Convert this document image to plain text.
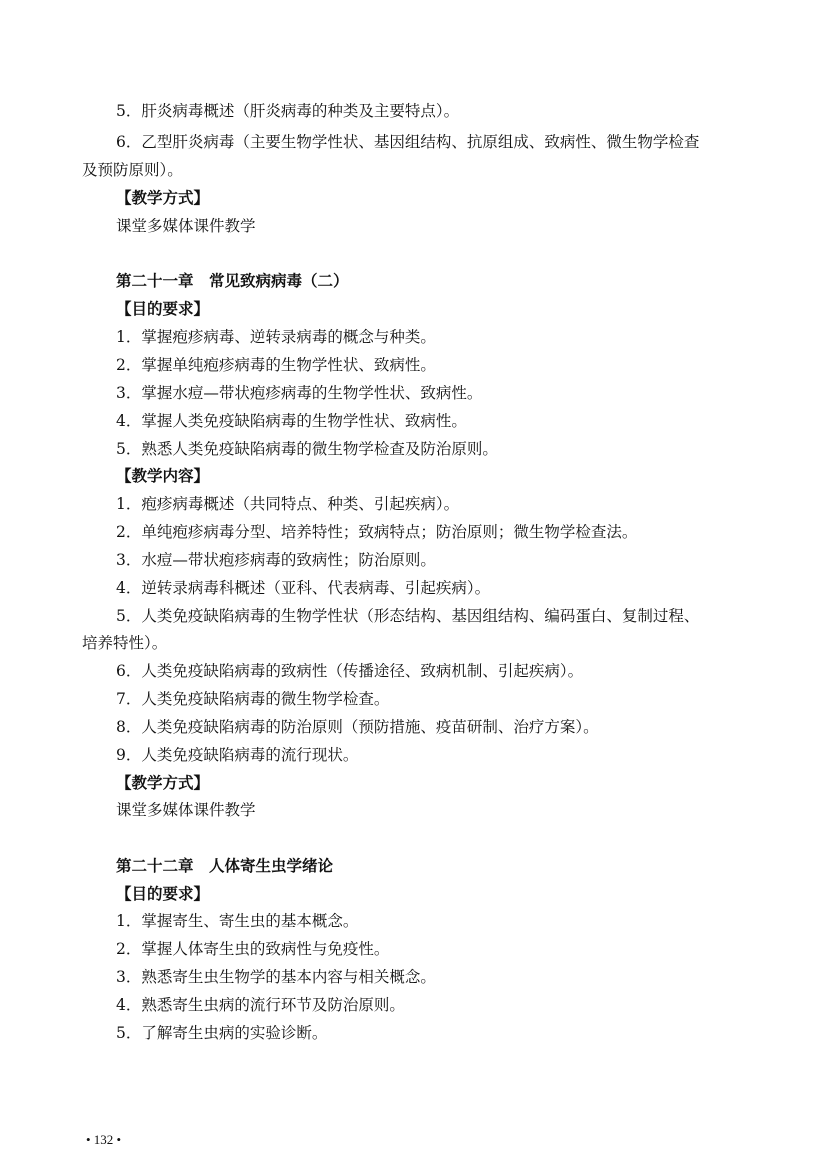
5．肝炎病毒概述（肝炎病毒的种类及主要特点）。
6．乙型肝炎病毒（主要生物学性状、基因组结构、抗原组成、致病性、微生物学检查
及预防原则）。
【教学方式】
课堂多媒体课件教学
第二十一章　常见致病病毒（二）
【目的要求】
1．掌握疱疹病毒、逆转录病毒的概念与种类。
2．掌握单纯疱疹病毒的生物学性状、致病性。
3．掌握水痘—带状疱疹病毒的生物学性状、致病性。
4．掌握人类免疫缺陷病毒的生物学性状、致病性。
5．熟悉人类免疫缺陷病毒的微生物学检查及防治原则。
【教学内容】
1．疱疹病毒概述（共同特点、种类、引起疾病）。
2．单纯疱疹病毒分型、培养特性；致病特点；防治原则；微生物学检查法。
3．水痘—带状疱疹病毒的致病性；防治原则。
4．逆转录病毒科概述（亚科、代表病毒、引起疾病）。
5．人类免疫缺陷病毒的生物学性状（形态结构、基因组结构、编码蛋白、复制过程、
培养特性）。
6．人类免疫缺陷病毒的致病性（传播途径、致病机制、引起疾病）。
7．人类免疫缺陷病毒的微生物学检查。
8．人类免疫缺陷病毒的防治原则（预防措施、疫苗研制、治疗方案）。
9．人类免疫缺陷病毒的流行现状。
【教学方式】
课堂多媒体课件教学
第二十二章　人体寄生虫学绪论
【目的要求】
1．掌握寄生、寄生虫的基本概念。
2．掌握人体寄生虫的致病性与免疫性。
3．熟悉寄生虫生物学的基本内容与相关概念。
4．熟悉寄生虫病的流行环节及防治原则。
5．了解寄生虫病的实验诊断。
• 132 •
